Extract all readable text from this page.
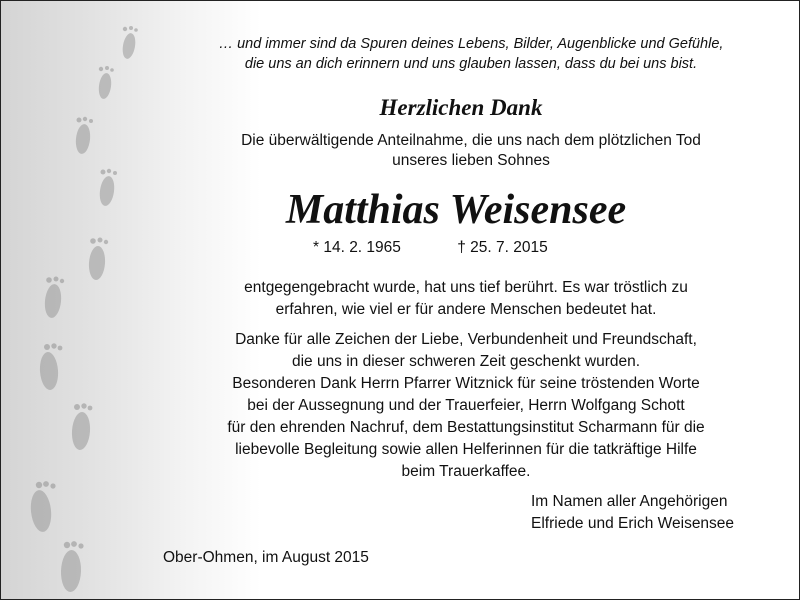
… und immer sind da Spuren deines Lebens, Bilder, Augenblicke und Gefühle,
die uns an dich erinnern und uns glauben lassen, dass du bei uns bist.
Herzlichen Dank
Die überwältigende Anteilnahme, die uns nach dem plötzlichen Tod
unseres lieben Sohnes
Matthias Weisensee
* 14. 2. 1965	† 25. 7. 2015
entgegengebracht wurde, hat uns tief berührt. Es war tröstlich zu
erfahren, wie viel er für andere Menschen bedeutet hat.
Danke für alle Zeichen der Liebe, Verbundenheit und Freundschaft,
die uns in dieser schweren Zeit geschenkt wurden.
Besonderen Dank Herrn Pfarrer Witznick für seine tröstenden Worte
bei der Aussegnung und der Trauerfeier, Herrn Wolfgang Schott
für den ehrenden Nachruf, dem Bestattungsinstitut Scharmann für die
liebevolle Begleitung sowie allen Helferinnen für die tatkräftige Hilfe
beim Trauerkaffee.
Im Namen aller Angehörigen
Elfriede und Erich Weisensee
Ober-Ohmen, im August 2015
